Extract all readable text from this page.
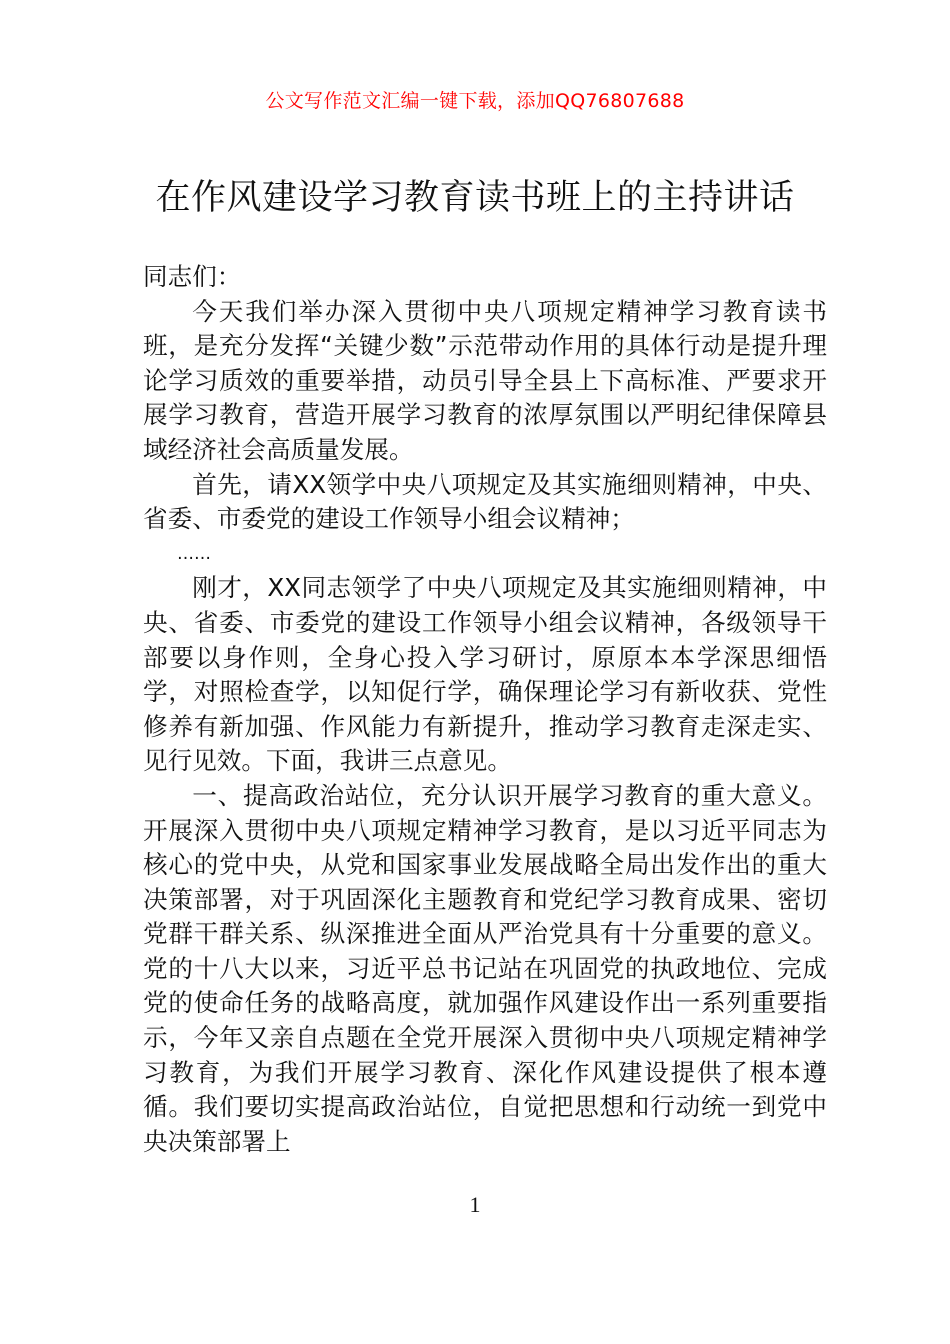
公文写作范文汇编一键下载，添加QQ76807688
在作风建设学习教育读书班上的主持讲话

同志们：

今天我们举办深入贯彻中央八项规定精神学习教育读书班，是充分发挥“关键少数”示范带动作用的具体行动是提升理论学习质效的重要举措，动员引导全县上下高标准、严要求开展学习教育，营造开展学习教育的浓厚氛围以严明纪律保障县域经济社会高质量发展。

首先，请XX领学中央八项规定及其实施细则精神，中央、省委、市委党的建设工作领导小组会议精神；

……

刚才，XX同志领学了中央八项规定及其实施细则精神，中央、省委、市委党的建设工作领导小组会议精神，各级领导干部要以身作则，全身心投入学习研讨，原原本本学深思细悟学，对照检查学，以知促行学，确保理论学习有新收获、党性修养有新加强、作风能力有新提升，推动学习教育走深走实、见行见效。下面，我讲三点意见。

一、提高政治站位，充分认识开展学习教育的重大意义。开展深入贯彻中央八项规定精神学习教育，是以习近平同志为核心的党中央，从党和国家事业发展战略全局出发作出的重大决策部署，对于巩固深化主题教育和党纪学习教育成果、密切党群干群关系、纵深推进全面从严治党具有十分重要的意义。党的十八大以来，习近平总书记站在巩固党的执政地位、完成党的使命任务的战略高度，就加强作风建设作出一系列重要指示，今年又亲自点题在全党开展深入贯彻中央八项规定精神学习教育，为我们开展学习教育、深化作风建设提供了根本遵循。我们要切实提高政治站位，自觉把思想和行动统一到党中央决策部署上

1
